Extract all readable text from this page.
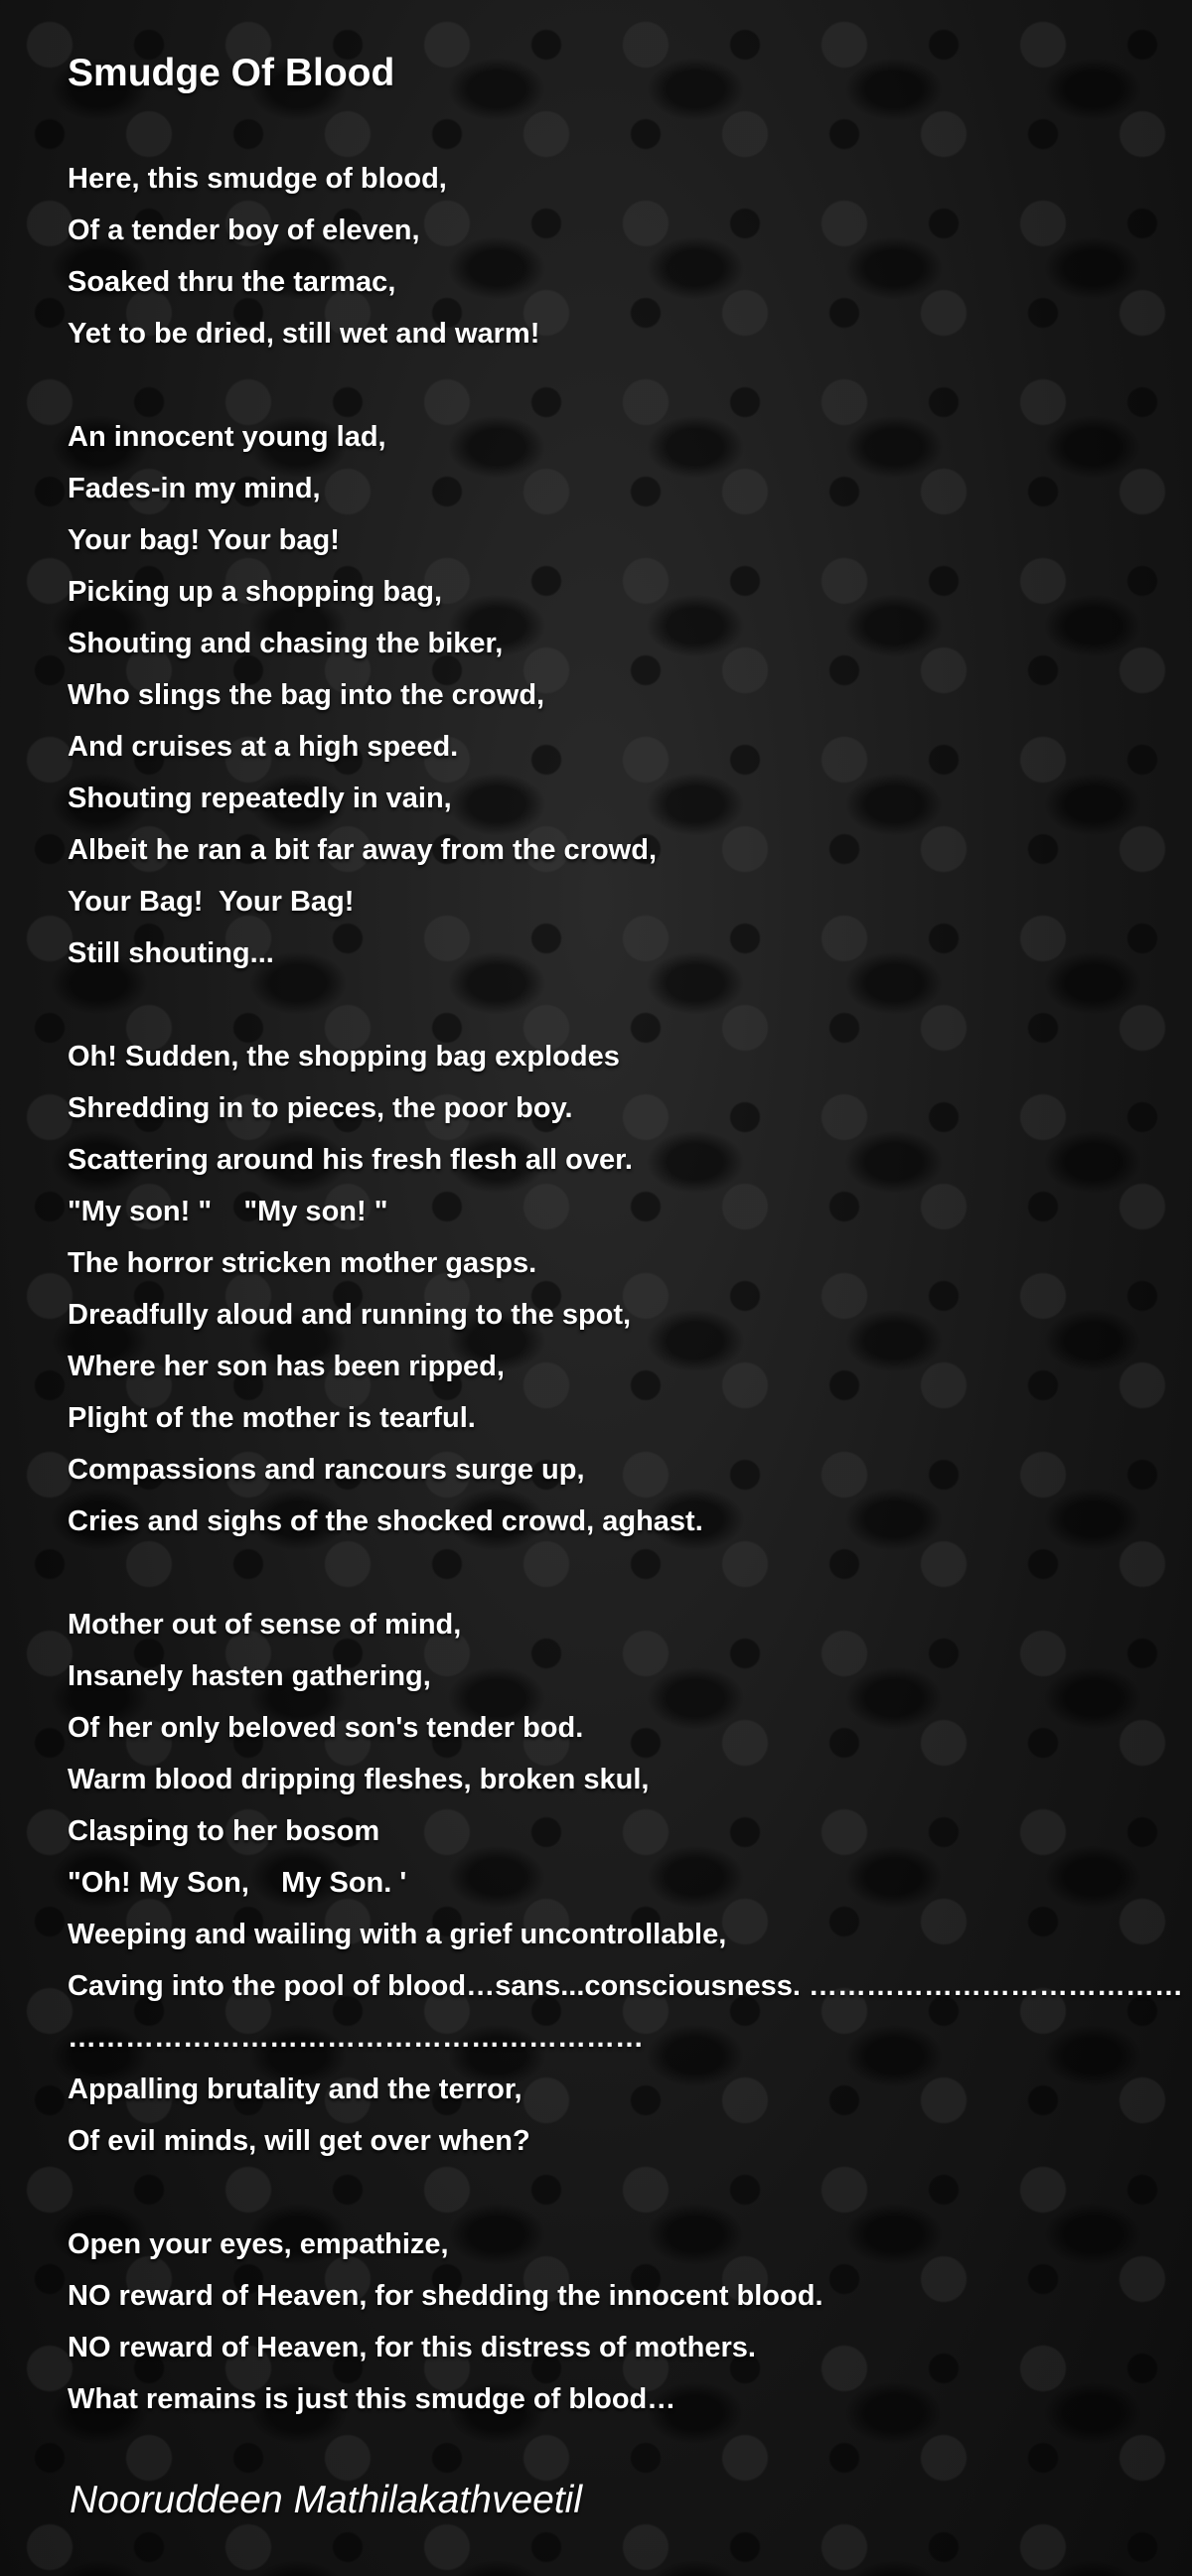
Smudge Of Blood
Here, this smudge of blood,
Of a tender boy of eleven,
Soaked thru the tarmac,
Yet to be dried, still wet and warm!
An innocent young lad,
Fades-in my mind,
Your bag! Your bag!
Picking up a shopping bag,
Shouting and chasing the biker,
Who slings the bag into the crowd,
And cruises at a high speed.
Shouting repeatedly in vain,
Albeit he ran a bit far away from the crowd,
Your Bag!  Your Bag!
Still shouting...
Oh! Sudden, the shopping bag explodes
Shredding in to pieces, the poor boy.
Scattering around his fresh flesh all over.
"My son! "    "My son! "
The horror stricken mother gasps.
Dreadfully aloud and running to the spot,
Where her son has been ripped,
Plight of the mother is tearful.
Compassions and rancours surge up,
Cries and sighs of the shocked crowd, aghast.
Mother out of sense of mind,
Insanely hasten gathering,
Of her only beloved son's tender bod.
Warm blood dripping fleshes, broken skul,
Clasping to her bosom
"Oh! My Son,    My Son. '
Weeping and wailing with a grief uncontrollable,
Caving into the pool of blood…sans...consciousness. …………………………………
……………………………………………………
Appalling brutality and the terror,
Of evil minds, will get over when?
Open your eyes, empathize,
NO reward of Heaven, for shedding the innocent blood.
NO reward of Heaven, for this distress of mothers.
What remains is just this smudge of blood…

Nooruddeen Mathilakathveetil
